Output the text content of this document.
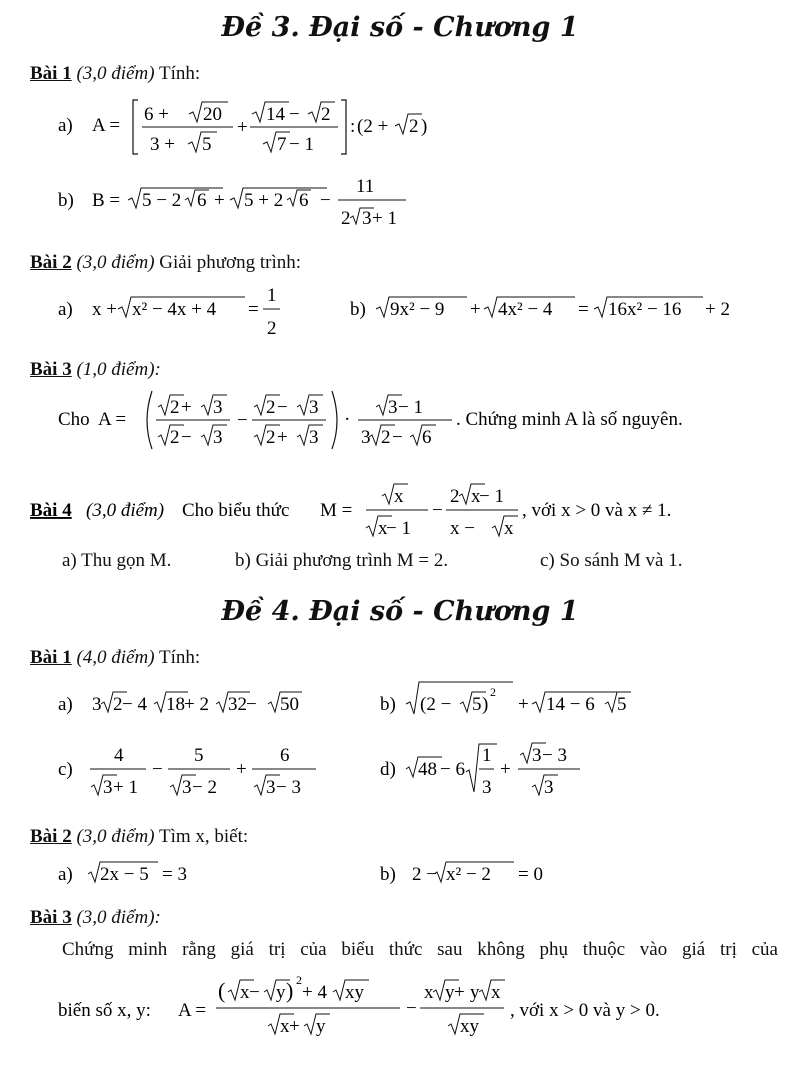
Đề 3. Đại số - Chương 1
Bài 1 (3,0 điểm) Tính:
a) A =
6 + 20
3 + 5
+
14 − 2
7 − 1
: (2 + 2 )
b) B = 5 − 2 6 + 5 + 2 6 −
11
2 3 + 1
Bài 2 (3,0 điểm) Giải phương trình:
a) x + x² − 4x + 4 =
1
2
b) 9x² − 9 + 4x² − 4 = 16x² − 16 + 2
Bài 3 (1,0 điểm):
Cho A =
2 + 3
2 − 3
−
2 − 3
2 + 3
·
3 − 1
3 2 − 6
. Chứng minh A là số nguyên.
Bài 4 (3,0 điểm) Cho biểu thức M =
x
x
− 1
−
2 x
− 1
x − x
, với x > 0 và x ≠ 1.
a) Thu gọn M.	b) Giải phương trình M = 2.	c) So sánh M và 1.
Đề 4. Đại số - Chương 1
Bài 1 (4,0 điểm) Tính:
a) 3 2 − 4 18 + 2 32 − 50	b) (2 − 5 )
2
+ 14 − 6 5
c)
4
3 + 1
−
5
3 − 2
+
6
3 − 3
d) 48 − 6
1
3
+
3 − 3
3
Bài 2 (3,0 điểm) Tìm x, biết:
a) 2x − 5 = 3	b) 2 − x² − 2 = 0
Bài 3 (3,0 điểm):
Chứng minh rằng giá trị của biểu thức sau không phụ thuộc vào giá trị của
biến số x, y: A =
( x − y ) 2
+ 4 xy
x + y
−
x y + y x
xy
, với x > 0 và y > 0.
